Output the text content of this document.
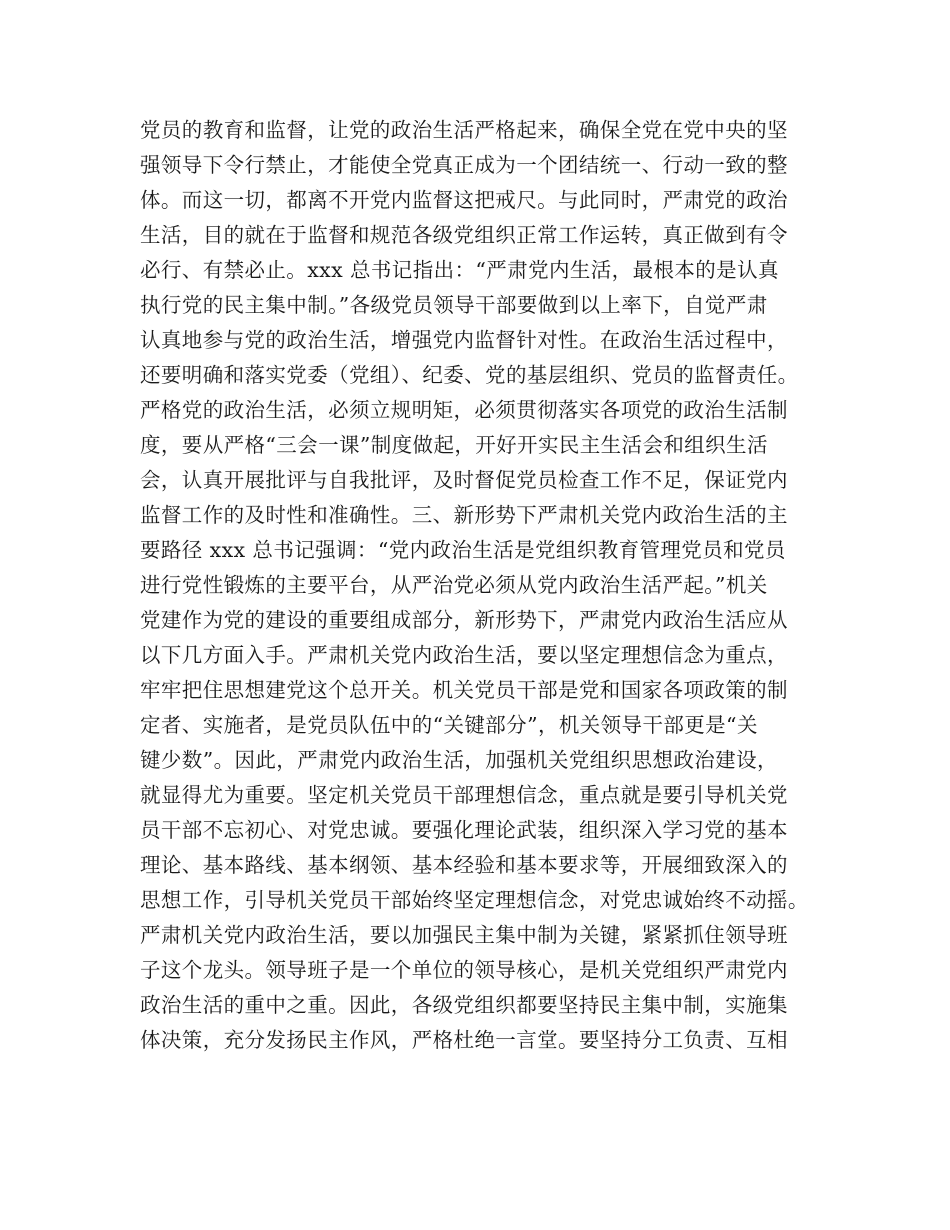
党员的教育和监督，让党的政治生活严格起来，确保全党在党中央的坚
强领导下令行禁止，才能使全党真正成为一个团结统一、行动一致的整
体。而这一切，都离不开党内监督这把戒尺。与此同时，严肃党的政治
生活，目的就在于监督和规范各级党组织正常工作运转，真正做到有令
必行、有禁必止。xxx 总书记指出：“严肃党内生活，最根本的是认真
执行党的民主集中制。”各级党员领导干部要做到以上率下，自觉严肃
认真地参与党的政治生活，增强党内监督针对性。在政治生活过程中，
还要明确和落实党委（党组）、纪委、党的基层组织、党员的监督责任。
严格党的政治生活，必须立规明矩，必须贯彻落实各项党的政治生活制
度，要从严格“三会一课”制度做起，开好开实民主生活会和组织生活
会，认真开展批评与自我批评，及时督促党员检查工作不足，保证党内
监督工作的及时性和准确性。三、新形势下严肃机关党内政治生活的主
要路径 xxx 总书记强调：“党内政治生活是党组织教育管理党员和党员
进行党性锻炼的主要平台，从严治党必须从党内政治生活严起。”机关
党建作为党的建设的重要组成部分，新形势下，严肃党内政治生活应从
以下几方面入手。严肃机关党内政治生活，要以坚定理想信念为重点，
牢牢把住思想建党这个总开关。机关党员干部是党和国家各项政策的制
定者、实施者，是党员队伍中的“关键部分”，机关领导干部更是“关
键少数”。因此，严肃党内政治生活，加强机关党组织思想政治建设，
就显得尤为重要。坚定机关党员干部理想信念，重点就是要引导机关党
员干部不忘初心、对党忠诚。要强化理论武装，组织深入学习党的基本
理论、基本路线、基本纲领、基本经验和基本要求等，开展细致深入的
思想工作，引导机关党员干部始终坚定理想信念，对党忠诚始终不动摇。
严肃机关党内政治生活，要以加强民主集中制为关键，紧紧抓住领导班
子这个龙头。领导班子是一个单位的领导核心，是机关党组织严肃党内
政治生活的重中之重。因此，各级党组织都要坚持民主集中制，实施集
体决策，充分发扬民主作风，严格杜绝一言堂。要坚持分工负责、互相
